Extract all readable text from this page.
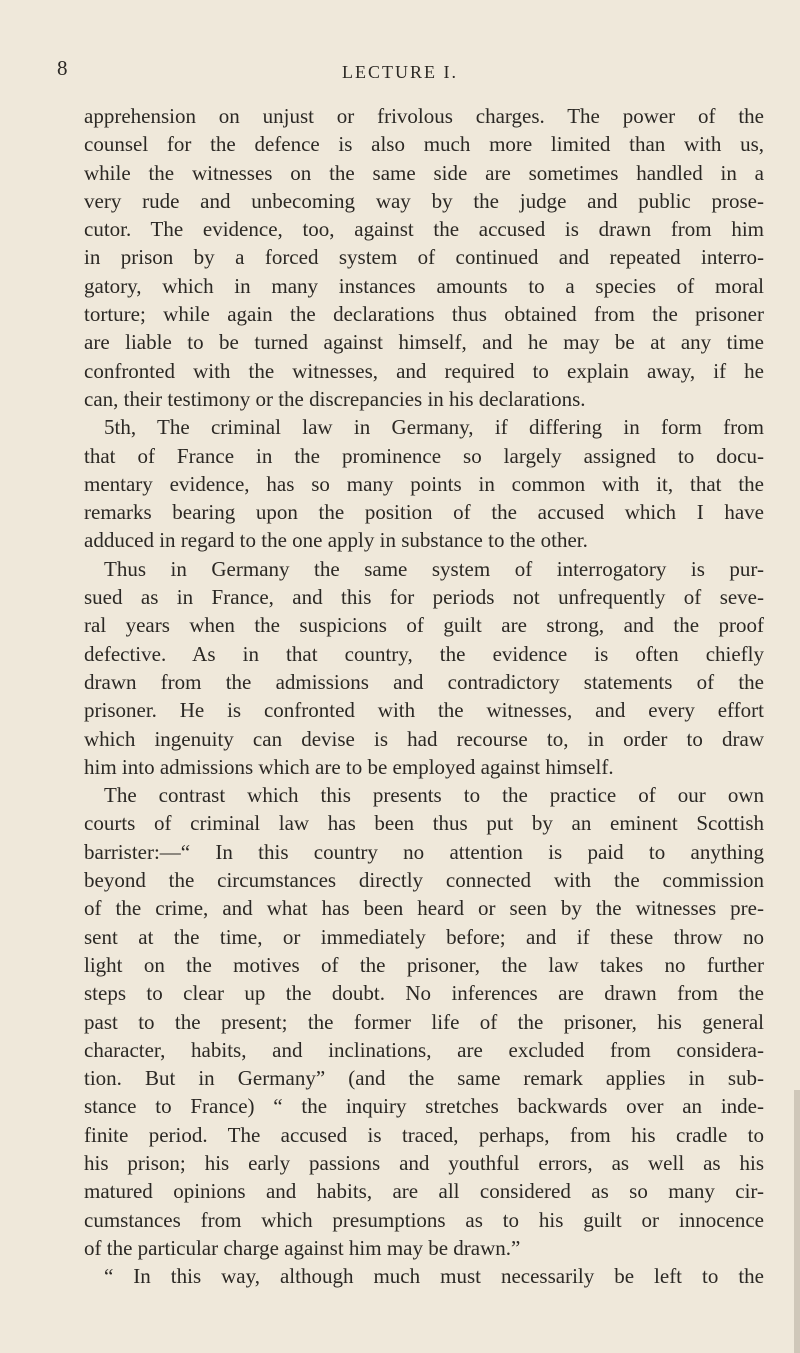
8	LECTURE I.
apprehension on unjust or frivolous charges. The power of the
counsel for the defence is also much more limited than with us,
while the witnesses on the same side are sometimes handled in a
very rude and unbecoming way by the judge and public prose-
cutor. The evidence, too, against the accused is drawn from him
in prison by a forced system of continued and repeated interro-
gatory, which in many instances amounts to a species of moral
torture; while again the declarations thus obtained from the prisoner
are liable to be turned against himself, and he may be at any time
confronted with the witnesses, and required to explain away, if he
can, their testimony or the discrepancies in his declarations.
5th, The criminal law in Germany, if differing in form from
that of France in the prominence so largely assigned to docu-
mentary evidence, has so many points in common with it, that the
remarks bearing upon the position of the accused which I have
adduced in regard to the one apply in substance to the other.
Thus in Germany the same system of interrogatory is pur-
sued as in France, and this for periods not unfrequently of seve-
ral years when the suspicions of guilt are strong, and the proof
defective. As in that country, the evidence is often chiefly
drawn from the admissions and contradictory statements of the
prisoner. He is confronted with the witnesses, and every effort
which ingenuity can devise is had recourse to, in order to draw
him into admissions which are to be employed against himself.
The contrast which this presents to the practice of our own
courts of criminal law has been thus put by an eminent Scottish
barrister:—“ In this country no attention is paid to anything
beyond the circumstances directly connected with the commission
of the crime, and what has been heard or seen by the witnesses pre-
sent at the time, or immediately before; and if these throw no
light on the motives of the prisoner, the law takes no further
steps to clear up the doubt. No inferences are drawn from the
past to the present; the former life of the prisoner, his general
character, habits, and inclinations, are excluded from considera-
tion. But in Germany” (and the same remark applies in sub-
stance to France) “ the inquiry stretches backwards over an inde-
finite period. The accused is traced, perhaps, from his cradle to
his prison; his early passions and youthful errors, as well as his
matured opinions and habits, are all considered as so many cir-
cumstances from which presumptions as to his guilt or innocence
of the particular charge against him may be drawn.”
“ In this way, although much must necessarily be left to the
